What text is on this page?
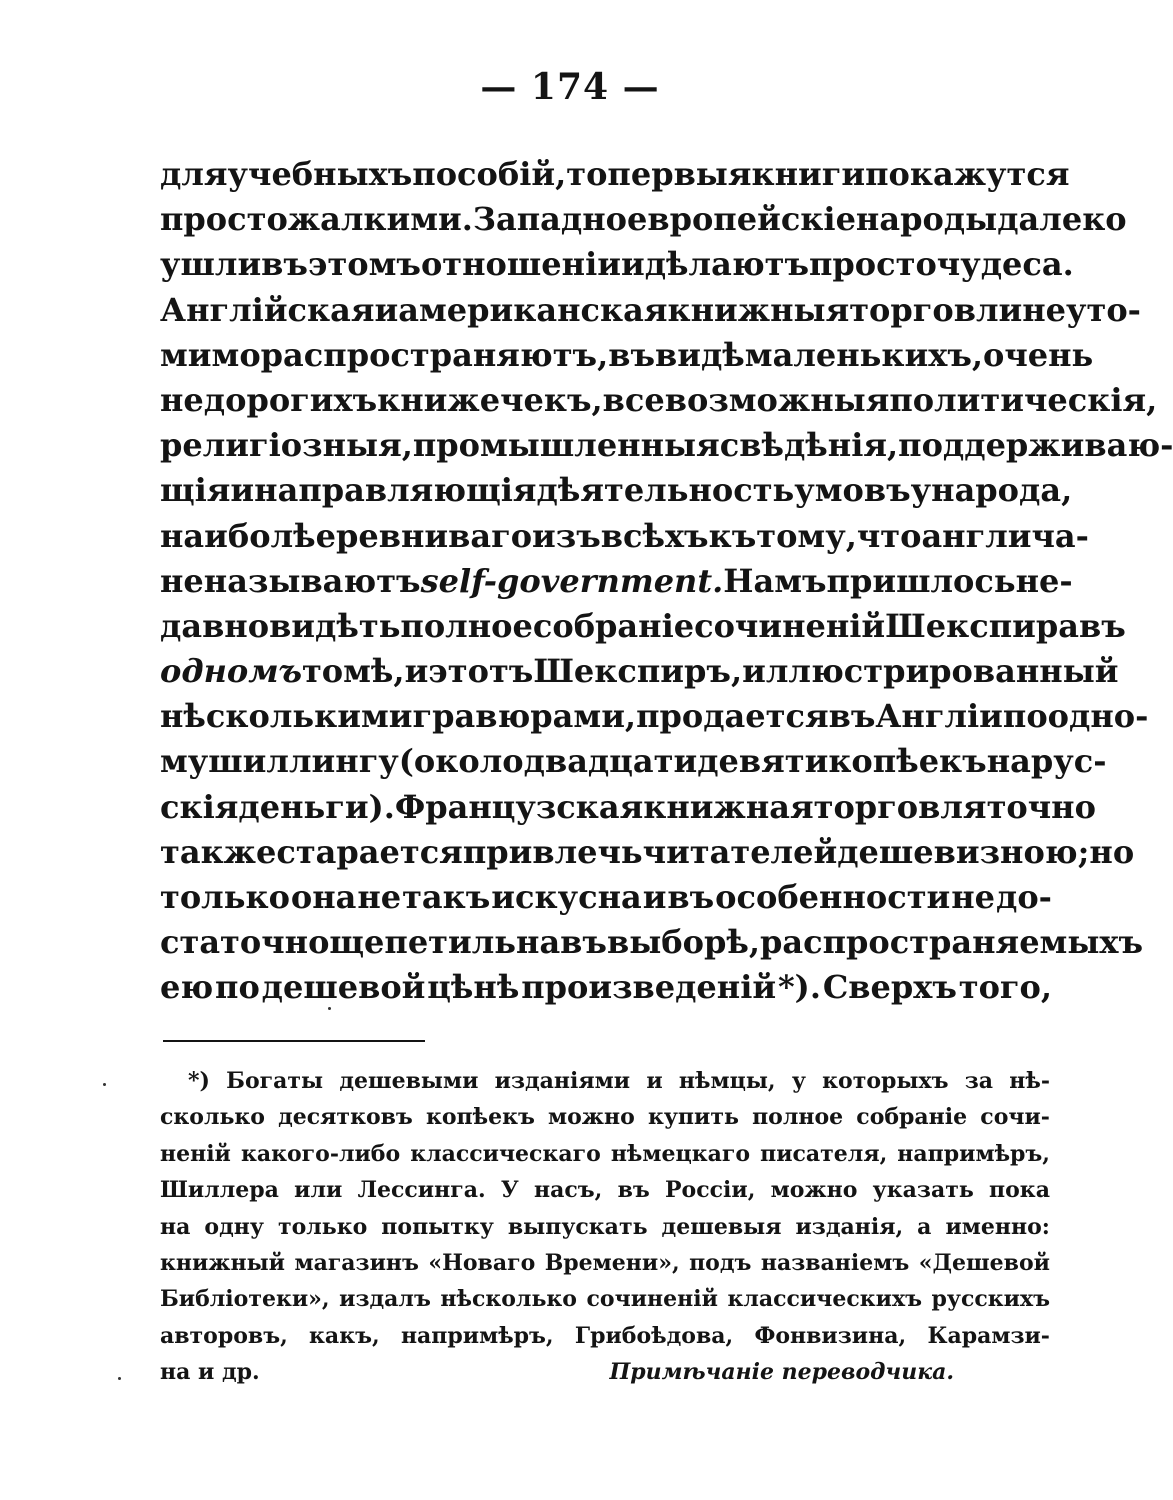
— 174 —
для учебныхъ пособій, то первыя книги покажутся
просто жалкими. Западноевропейскіе народы далеко
ушли въ этомъ отношеніи и дѣлаютъ просто чудеса.
Англійская и американская книжныя торговли неуто-
мимо распространяютъ, въ видѣ маленькихъ, очень
недорогихъ книжечекъ, всевозможныя политическія,
религіозныя, промышленныя свѣдѣнія, поддерживаю-
щія и направляющія дѣятельность умовъ у народа,
наиболѣе ревниваго изъ всѣхъ къ тому, что англича-
не называютъ self-government. Намъ пришлось не-
давно видѣть полное собраніе сочиненій Шекспира въ
одномъ томѣ, и этотъ Шекспиръ, иллюстрированный
нѣсколькими гравюрами, продается въ Англіи по одно-
му шиллингу (около двадцати девяти копѣекъ на рус-
скія деньги). Французская книжная торговля точно
также старается привлечь читателей дешевизною; но
только она не такъ искусна и въ особенности не до-
статочно щепетильна въ выборѣ, распространяемыхъ
ею по дешевой цѣнѣ произведеній *). Сверхъ того,
*) Богаты дешевыми изданіями и нѣмцы, у которыхъ за нѣ-
сколько десятковъ копѣекъ можно купить полное собраніе сочи-
неній какого-либо классическаго нѣмецкаго писателя, напримѣръ,
Шиллера или Лессинга. У насъ, въ Россіи, можно указать пока
на одну только попытку выпускать дешевыя изданія, а именно:
книжный магазинъ «Новаго Времени», подъ названіемъ «Дешевой
Библіотеки», издалъ нѣсколько сочиненій классическихъ русскихъ
авторовъ, какъ, напримѣръ, Грибоѣдова, Фонвизина, Карамзи-
на и др.	Примѣчаніе переводчика.
